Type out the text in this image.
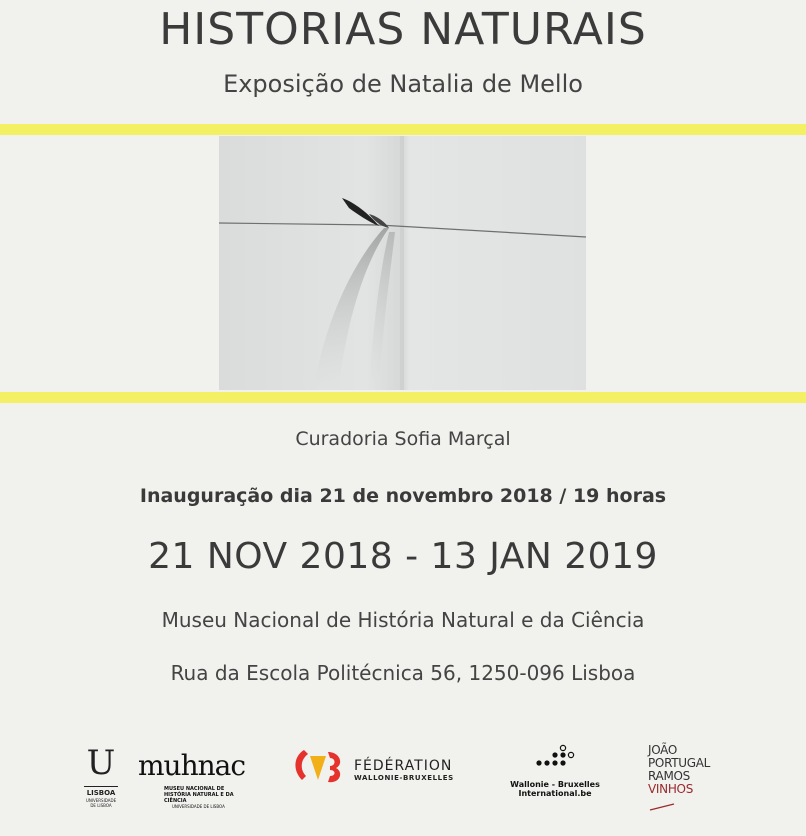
HISTORIAS NATURAIS
Exposição de Natalia de Mello
Curadoria Sofia Marçal
Inauguração dia 21 de novembro 2018 / 19 horas
21 NOV 2018 - 13 JAN 2019
Museu Nacional de História Natural e da Ciência
Rua da Escola Politécnica 56, 1250-096 Lisboa
U
LISBOA
UNIVERSIDADE DE LISBOA
muhnac
MUSEU NACIONAL DE
HISTÓRIA NATURAL E DA CIÊNCIA
UNIVERSIDADE DE LISBOA
FÉDÉRATION
WALLONIE-BRUXELLES
Wallonie - Bruxelles
International.be
JOÃO
PORTUGAL
RAMOS
VINHOS
